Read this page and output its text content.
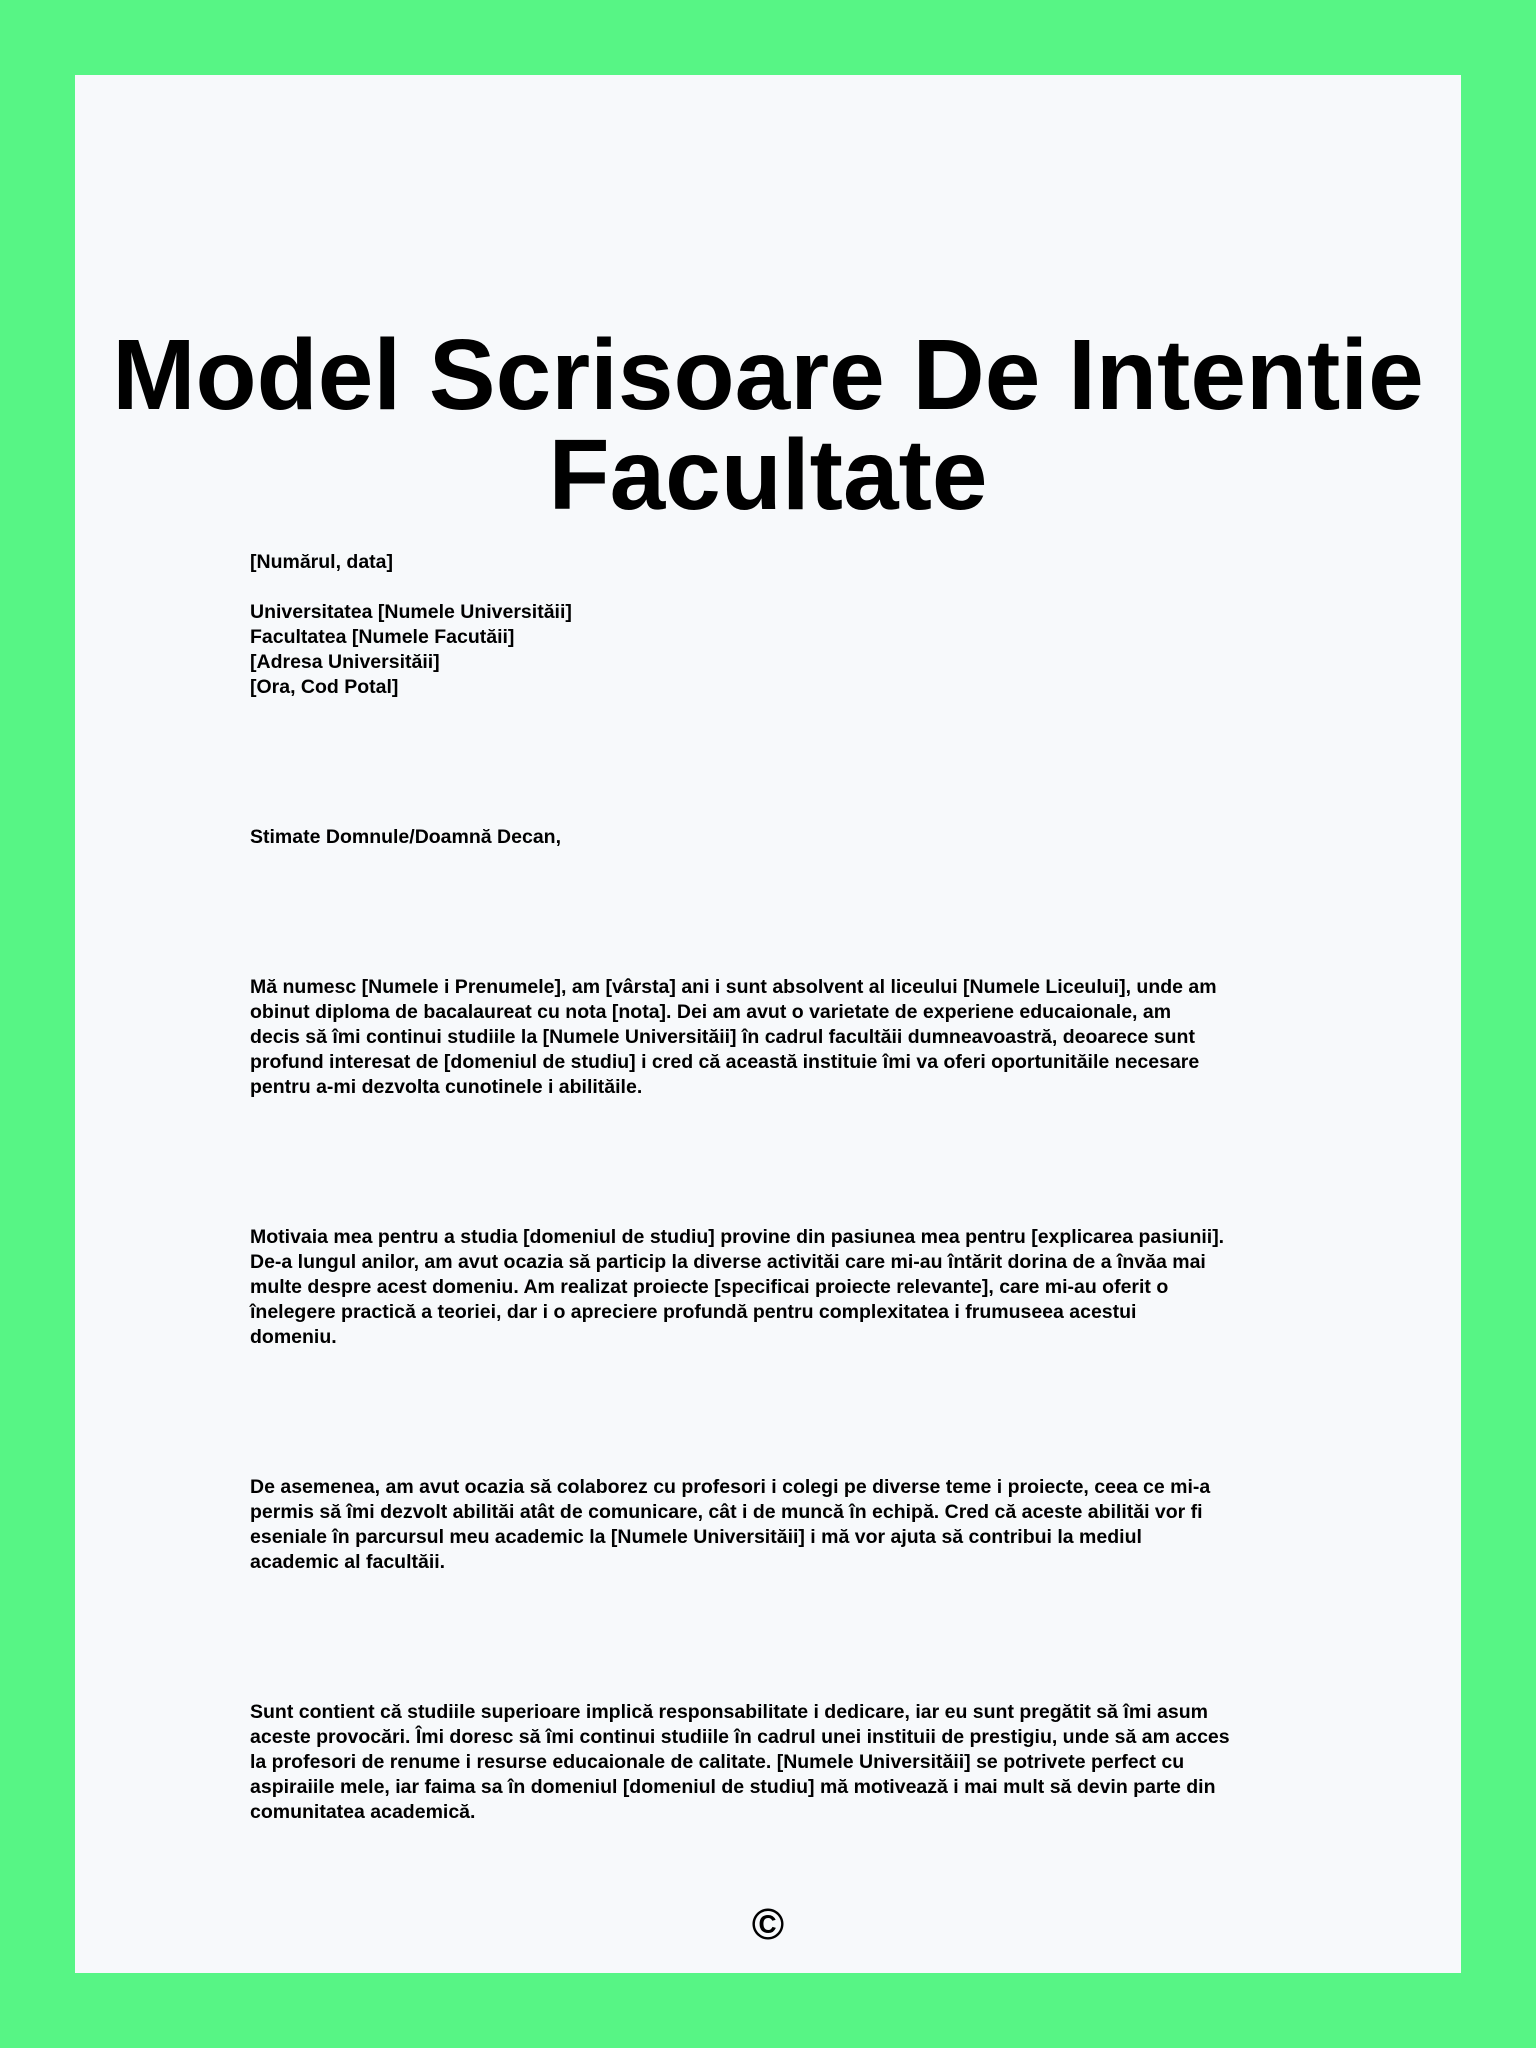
Model Scrisoare De Intentie
Facultate

[Numărul, data]

Universitatea [Numele Universităii]
Facultatea [Numele Facutăii]
[Adresa Universităii]
[Ora, Cod Potal]

Stimate Domnule/Doamnă Decan,

Mă numesc [Numele i Prenumele], am [vârsta] ani i sunt absolvent al liceului [Numele Liceului], unde am
obinut diploma de bacalaureat cu nota [nota]. Dei am avut o varietate de experiene educaionale, am
decis să îmi continui studiile la [Numele Universităii] în cadrul facultăii dumneavoastră, deoarece sunt
profund interesat de [domeniul de studiu] i cred că această instituie îmi va oferi oportunităile necesare
pentru a-mi dezvolta cunotinele i abilităile.

Motivaia mea pentru a studia [domeniul de studiu] provine din pasiunea mea pentru [explicarea pasiunii].
De-a lungul anilor, am avut ocazia să particip la diverse activităi care mi-au întărit dorina de a învăa mai
multe despre acest domeniu. Am realizat proiecte [specificai proiecte relevante], care mi-au oferit o
înelegere practică a teoriei, dar i o apreciere profundă pentru complexitatea i frumuseea acestui
domeniu.

De asemenea, am avut ocazia să colaborez cu profesori i colegi pe diverse teme i proiecte, ceea ce mi-a
permis să îmi dezvolt abilităi atât de comunicare, cât i de muncă în echipă. Cred că aceste abilităi vor fi
eseniale în parcursul meu academic la [Numele Universităii] i mă vor ajuta să contribui la mediul
academic al facultăii.

Sunt contient că studiile superioare implică responsabilitate i dedicare, iar eu sunt pregătit să îmi asum
aceste provocări. Îmi doresc să îmi continui studiile în cadrul unei instituii de prestigiu, unde să am acces
la profesori de renume i resurse educaionale de calitate. [Numele Universităii] se potrivete perfect cu
aspiraiile mele, iar faima sa în domeniul [domeniul de studiu] mă motivează i mai mult să devin parte din
comunitatea academică.

©
